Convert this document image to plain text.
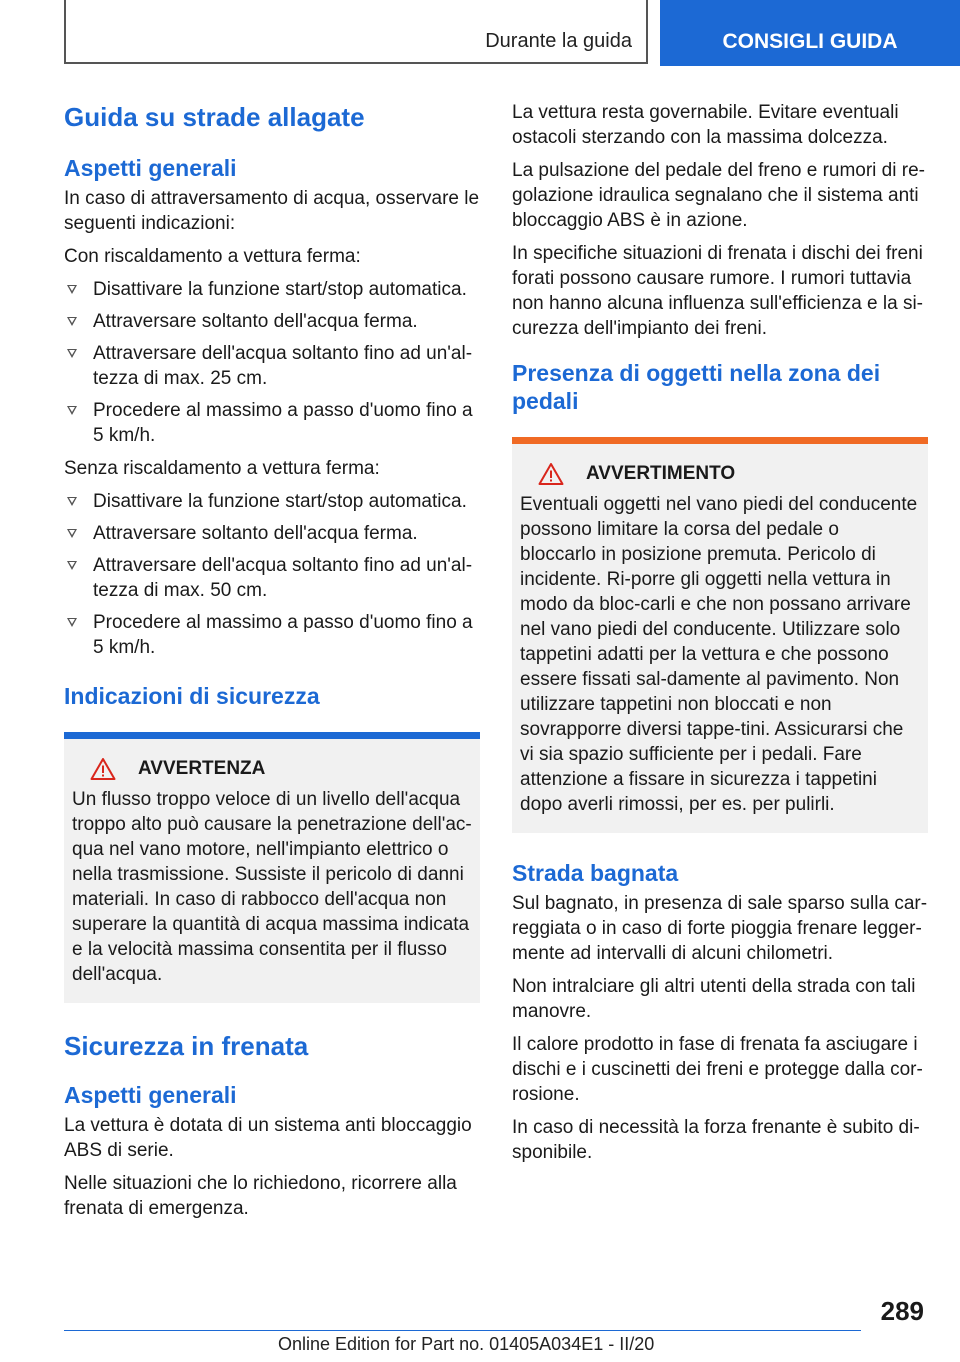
Durante la guida	CONSIGLI GUIDA
Guida su strade allagate
Aspetti generali

In caso di attraversamento di acqua, osservare le seguenti indicazioni:

Con riscaldamento a vettura ferma:

Disattivare la funzione start/stop automatica.
Attraversare soltanto dell'acqua ferma.
Attraversare dell'acqua soltanto fino ad un'al-tezza di max. 25 cm.
Procedere al massimo a passo d'uomo fino a 5 km/h.

Senza riscaldamento a vettura ferma:

Disattivare la funzione start/stop automatica.
Attraversare soltanto dell'acqua ferma.
Attraversare dell'acqua soltanto fino ad un'al-tezza di max. 50 cm.
Procedere al massimo a passo d'uomo fino a 5 km/h.
Indicazioni di sicurezza
AVVERTENZA

Un flusso troppo veloce di un livello dell'acqua troppo alto può causare la penetrazione dell'ac-qua nel vano motore, nell'impianto elettrico o nella trasmissione. Sussiste il pericolo di danni materiali. In caso di rabbocco dell'acqua non superare la quantità di acqua massima indicata e la velocità massima consentita per il flusso dell'acqua.

Sicurezza in frenata
Aspetti generali

La vettura è dotata di un sistema anti bloccaggio ABS di serie.

Nelle situazioni che lo richiedono, ricorrere alla frenata di emergenza.

La vettura resta governabile. Evitare eventuali ostacoli sterzando con la massima dolcezza.

La pulsazione del pedale del freno e rumori di re-golazione idraulica segnalano che il sistema anti bloccaggio ABS è in azione.

In specifiche situazioni di frenata i dischi dei freni forati possono causare rumore. I rumori tuttavia non hanno alcuna influenza sull'efficienza e la si-curezza dell'impianto dei freni.

Presenza di oggetti nella zona dei pedali
AVVERTIMENTO

Eventuali oggetti nel vano piedi del conducente possono limitare la corsa del pedale o bloccarlo in posizione premuta. Pericolo di incidente. Ri-porre gli oggetti nella vettura in modo da bloc-carli e che non possano arrivare nel vano piedi del conducente. Utilizzare solo tappetini adatti per la vettura e che possono essere fissati sal-damente al pavimento. Non utilizzare tappetini non bloccati e non sovrapporre diversi tappe-tini. Assicurarsi che vi sia spazio sufficiente per i pedali. Fare attenzione a fissare in sicurezza i tappetini dopo averli rimossi, per es. per pulirli.

Strada bagnata

Sul bagnato, in presenza di sale sparso sulla car-reggiata o in caso di forte pioggia frenare legger-mente ad intervalli di alcuni chilometri.

Non intralciare gli altri utenti della strada con tali manovre.

Il calore prodotto in fase di frenata fa asciugare i dischi e i cuscinetti dei freni e protegge dalla cor-rosione.

In caso di necessità la forza frenante è subito di-sponibile.

289
Online Edition for Part no. 01405A034E1 - II/20
